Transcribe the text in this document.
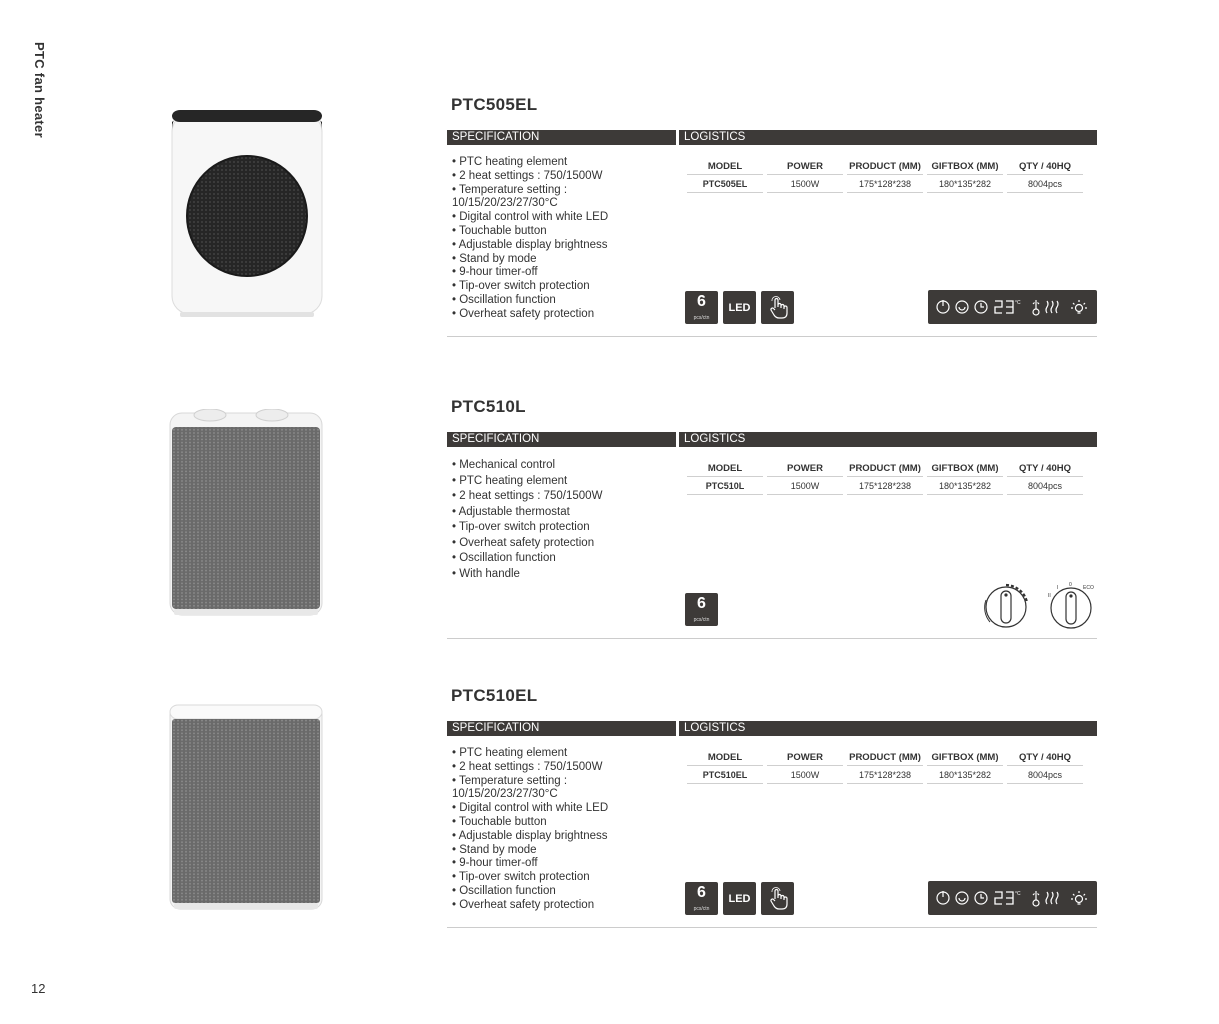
PTC fan heater
12
PTC505EL
SPECIFICATION	LOGISTICS
• PTC heating element
• 2 heat settings : 750/1500W
• Temperature setting :
10/15/20/23/27/30°C
• Digital control with white LED
• Touchable button
• Adjustable display brightness
• Stand by mode
• 9-hour timer-off
• Tip-over switch protection
• Oscillation function
• Overheat safety protection
MODEL	POWER	PRODUCT (MM)	GIFTBOX (MM)	QTY / 40HQ
PTC505EL	1500W	175*128*238	180*135*282	8004pcs
6
pcs/ctn
LED	°C
PTC510L
SPECIFICATION	LOGISTICS
• Mechanical control
• PTC heating element
• 2 heat settings : 750/1500W
• Adjustable thermostat
• Tip-over switch protection
• Overheat safety protection
• Oscillation function
• With handle
MODEL	POWER	PRODUCT (MM)	GIFTBOX (MM)	QTY / 40HQ
PTC510L	1500W	175*128*238	180*135*282	8004pcs
6
pcs/ctn
0
I
II
ECO
PTC510EL
SPECIFICATION	LOGISTICS
• PTC heating element
• 2 heat settings : 750/1500W
• Temperature setting :
10/15/20/23/27/30°C
• Digital control with white LED
• Touchable button
• Adjustable display brightness
• Stand by mode
• 9-hour timer-off
• Tip-over switch protection
• Oscillation function
• Overheat safety protection
MODEL	POWER	PRODUCT (MM)	GIFTBOX (MM)	QTY / 40HQ
PTC510EL	1500W	175*128*238	180*135*282	8004pcs
6
pcs/ctn
LED	°C
